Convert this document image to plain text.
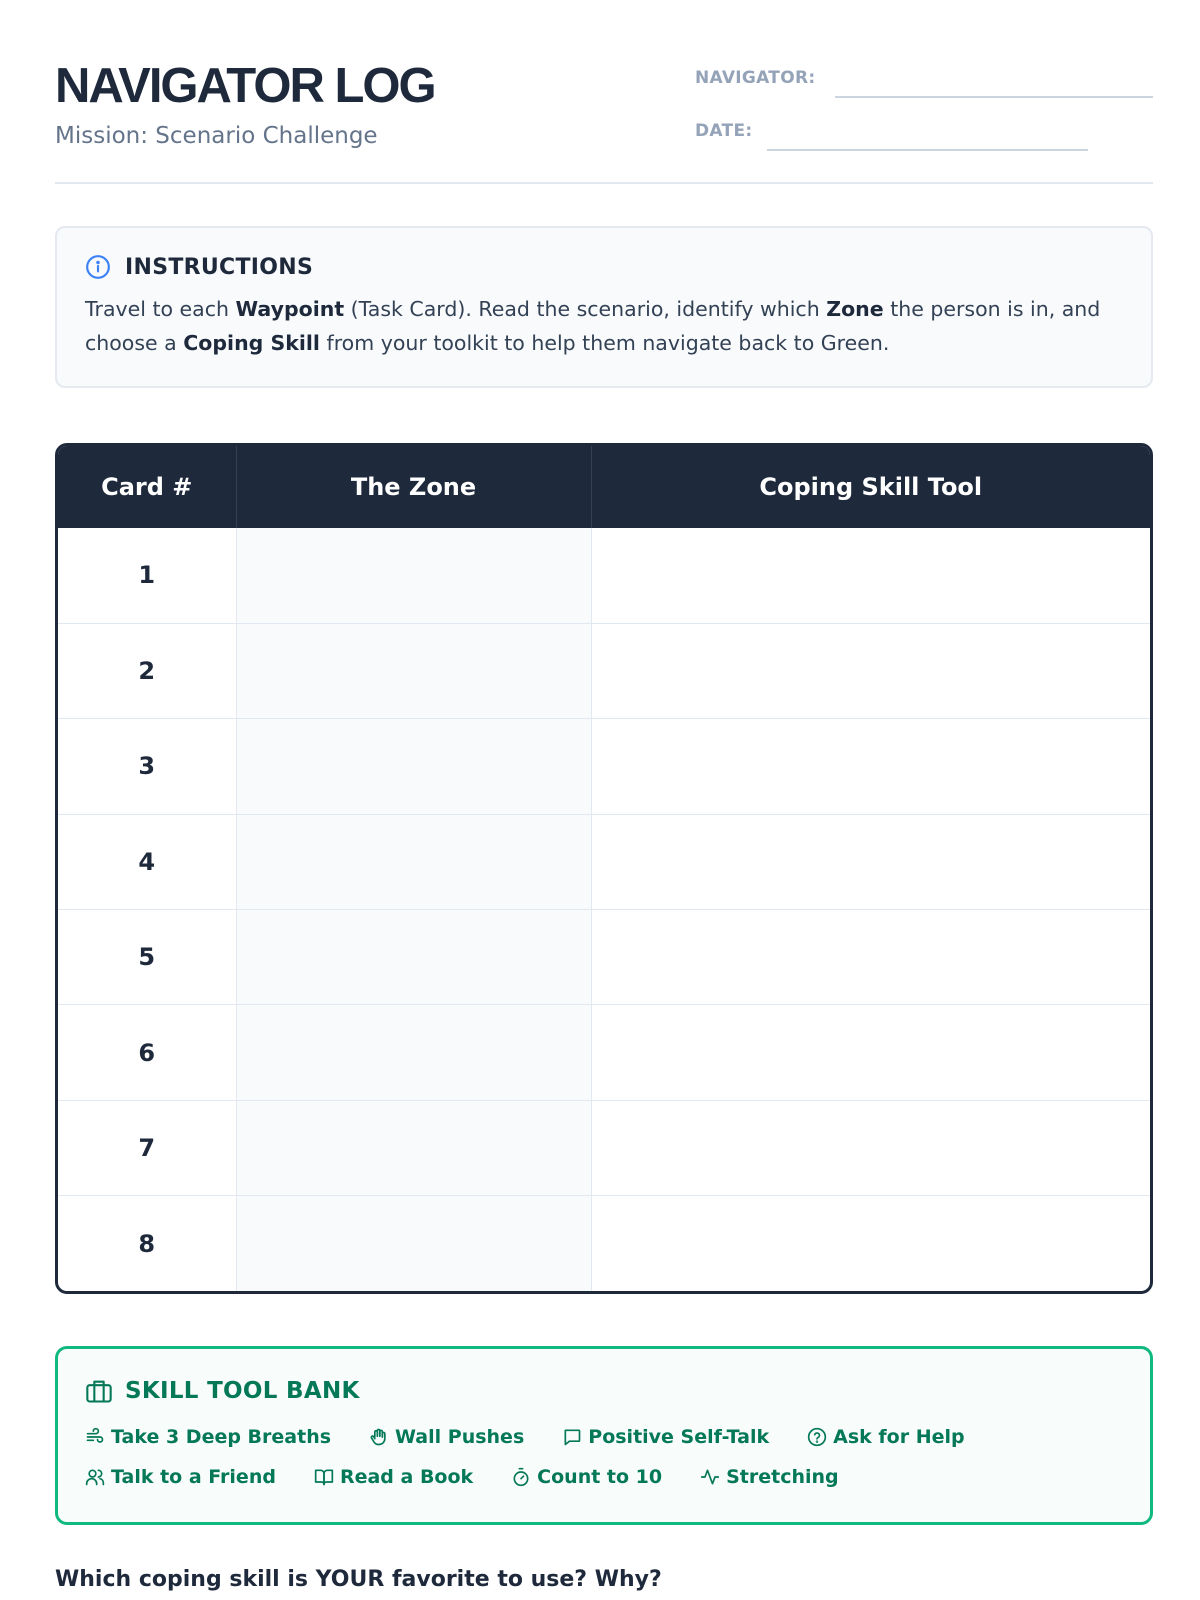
NAVIGATOR LOG
Mission: Scenario Challenge
NAVIGATOR:
DATE:
INSTRUCTIONS
Travel to each Waypoint (Task Card). Read the scenario, identify which Zone the person is in, and choose a Coping Skill from your toolkit to help them navigate back to Green.
Card #	The Zone	Coping Skill Tool
1		
2		
3		
4		
5		
6		
7		
8		
SKILL TOOL BANK
Take 3 Deep Breaths	Wall Pushes	Positive Self-Talk	Ask for Help
Talk to a Friend	Read a Book	Count to 10	Stretching
Which coping skill is YOUR favorite to use? Why?
